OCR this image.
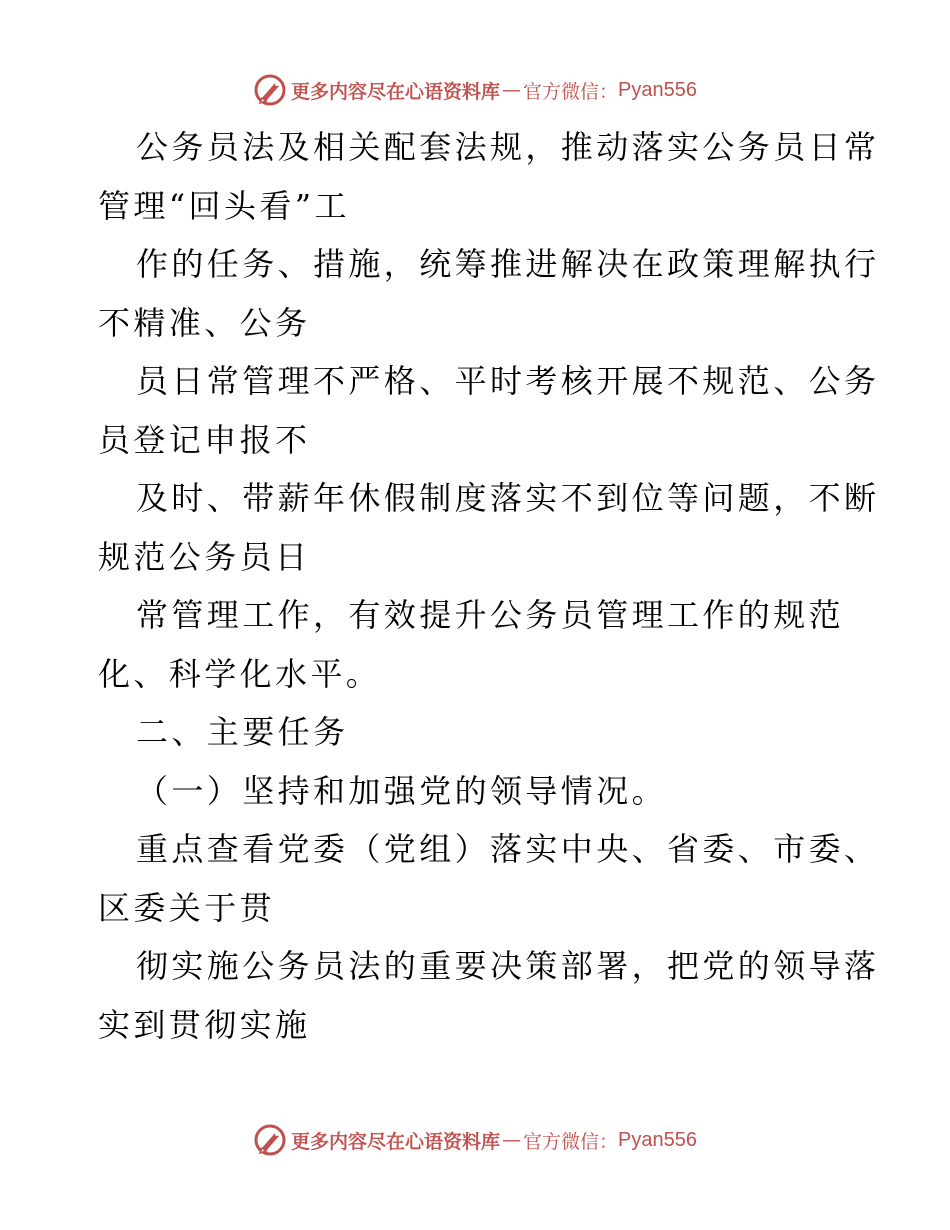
更多内容尽在心语资料库 — 官方微信： Pyan556
公务员法及相关配套法规，推动落实公务员日常
管理“回头看”工
作的任务、措施，统筹推进解决在政策理解执行
不精准、公务
员日常管理不严格、平时考核开展不规范、公务
员登记申报不
及时、带薪年休假制度落实不到位等问题，不断
规范公务员日
常管理工作，有效提升公务员管理工作的规范
化、科学化水平。
二、主要任务
（一）坚持和加强党的领导情况。
重点查看党委（党组）落实中央、省委、市委、
区委关于贯
彻实施公务员法的重要决策部署，把党的领导落
实到贯彻实施
更多内容尽在心语资料库 — 官方微信： Pyan556
